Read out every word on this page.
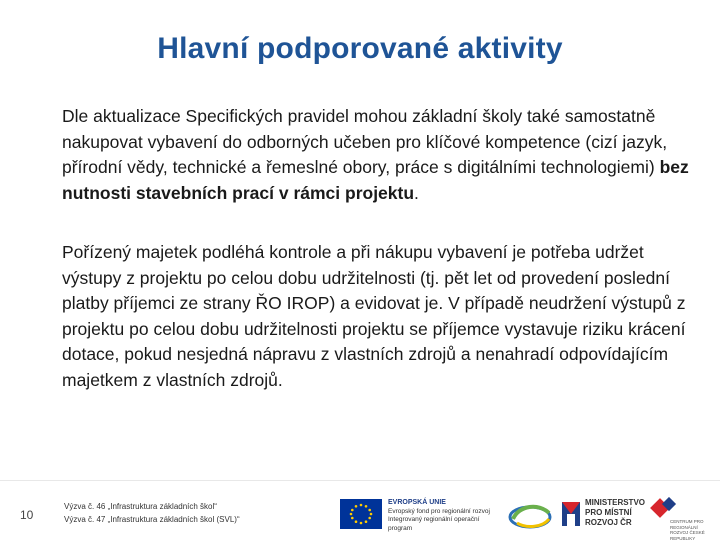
Hlavní podporované aktivity
Dle aktualizace Specifických pravidel mohou základní školy také samostatně nakupovat vybavení do odborných učeben pro klíčové kompetence (cizí jazyk, přírodní vědy, technické a řemeslné obory, práce s digitálními technologiemi) bez nutnosti stavebních prací v rámci projektu.
Pořízený majetek podléhá kontrole a při nákupu vybavení je potřeba udržet výstupy z projektu po celou dobu udržitelnosti (tj. pět let od provedení poslední platby příjemci ze strany ŘO IROP) a evidovat je. V případě neudržení výstupů z projektu po celou dobu udržitelnosti projektu se příjemce vystavuje riziku krácení dotace, pokud nesjedná nápravu z vlastních zdrojů a nenahradí odpovídajícím majetkem z vlastních zdrojů.
10
Výzva č. 46 „Infrastruktura základních škol“
Výzva č. 47 „Infrastruktura základních škol (SVL)“
EVROPSKÁ UNIE
Evropský fond pro regionální rozvoj
Integrovaný regionální operační program
MINISTERSTVO
PRO MÍSTNÍ
ROZVOJ ČR	CENTRUM PRO REGIONÁLNÍ ROZVOJ ČESKÉ REPUBLIKY
